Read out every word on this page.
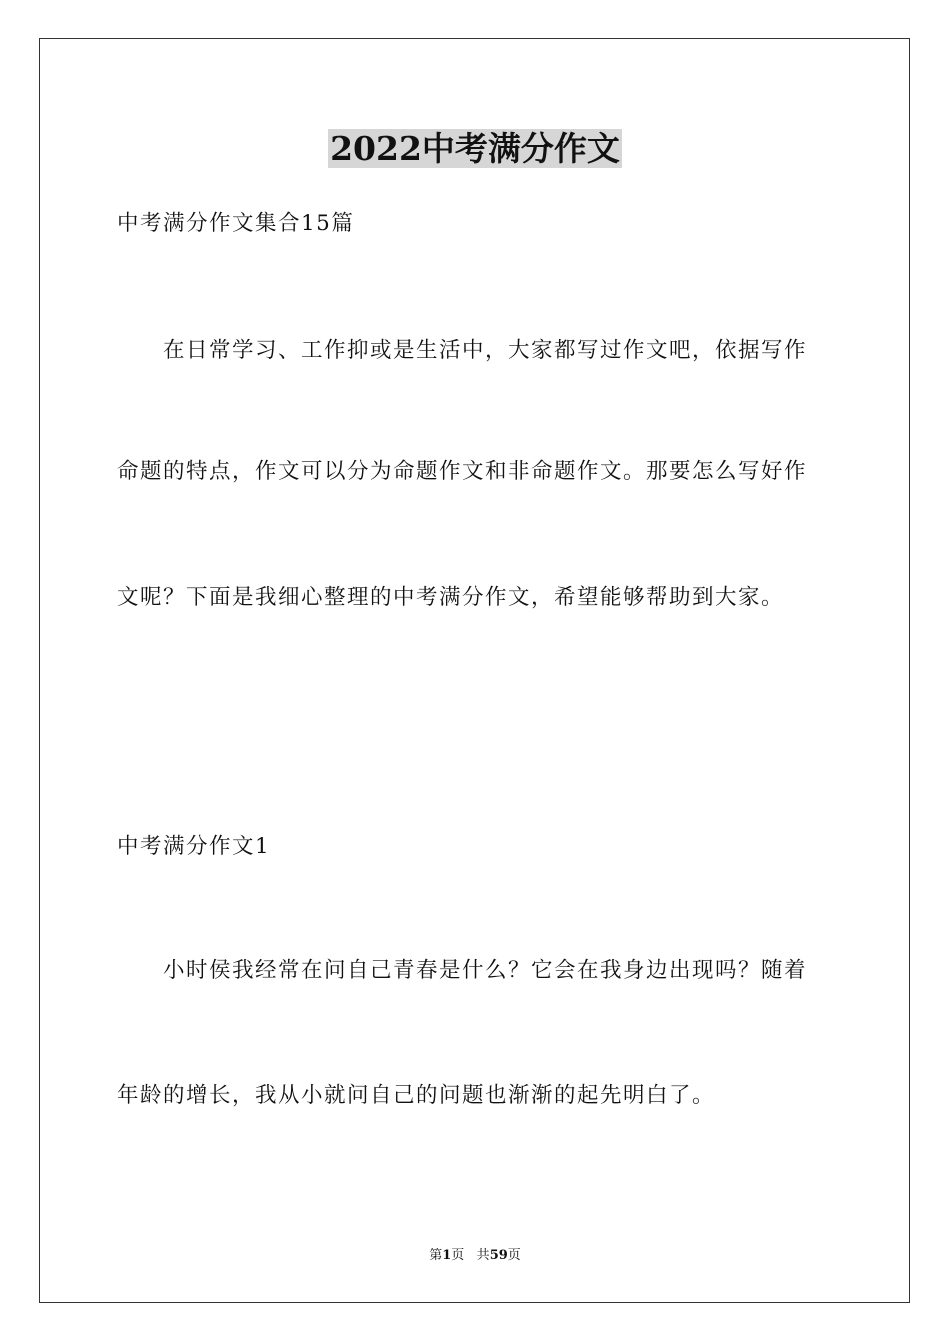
2022中考满分作文
中考满分作文集合15篇
在日常学习、工作抑或是生活中，大家都写过作文吧，依据写作
命题的特点，作文可以分为命题作文和非命题作文。那要怎么写好作
文呢？下面是我细心整理的中考满分作文，希望能够帮助到大家。
中考满分作文1
小时侯我经常在问自己青春是什么？它会在我身边出现吗？随着
年龄的增长，我从小就问自己的问题也渐渐的起先明白了。
第1页 共59页
